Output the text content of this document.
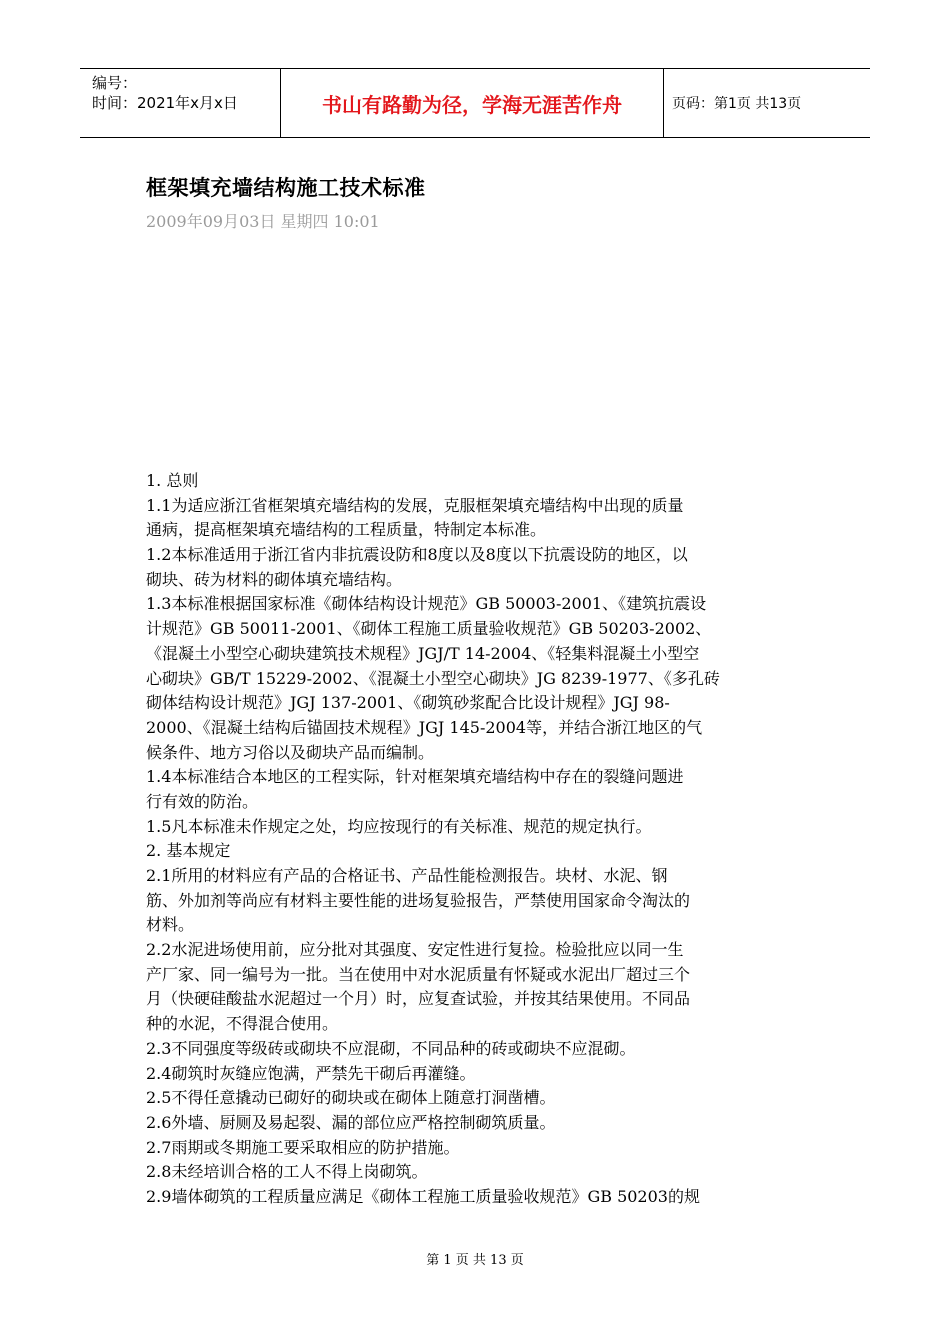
编号：
时间：2021年x月x日	书山有路勤为径，学海无涯苦作舟	页码：第1页 共13页
框架填充墙结构施工技术标准
2009年09月03日 星期四 10:01
1. 总则
1.1为适应浙江省框架填充墙结构的发展，克服框架填充墙结构中出现的质量
通病，提高框架填充墙结构的工程质量，特制定本标准。
1.2本标准适用于浙江省内非抗震设防和8度以及8度以下抗震设防的地区，以
砌块、砖为材料的砌体填充墙结构。
1.3本标准根据国家标准《砌体结构设计规范》GB 50003-2001、《建筑抗震设
计规范》GB 50011-2001、《砌体工程施工质量验收规范》GB 50203-2002、
《混凝土小型空心砌块建筑技术规程》JGJ/T 14-2004、《轻集料混凝土小型空
心砌块》GB/T 15229-2002、《混凝土小型空心砌块》JG 8239-1977、《多孔砖
砌体结构设计规范》JGJ 137-2001、《砌筑砂浆配合比设计规程》JGJ 98-
2000、《混凝土结构后锚固技术规程》JGJ 145-2004等，并结合浙江地区的气
候条件、地方习俗以及砌块产品而编制。
1.4本标准结合本地区的工程实际，针对框架填充墙结构中存在的裂缝问题进
行有效的防治。
1.5凡本标准未作规定之处，均应按现行的有关标准、规范的规定执行。
2. 基本规定
2.1所用的材料应有产品的合格证书、产品性能检测报告。块材、水泥、钢
筋、外加剂等尚应有材料主要性能的进场复验报告，严禁使用国家命令淘汰的
材料。
2.2水泥进场使用前，应分批对其强度、安定性进行复捡。检验批应以同一生
产厂家、同一编号为一批。当在使用中对水泥质量有怀疑或水泥出厂超过三个
月（快硬硅酸盐水泥超过一个月）时，应复查试验，并按其结果使用。不同品
种的水泥，不得混合使用。
2.3不同强度等级砖或砌块不应混砌，不同品种的砖或砌块不应混砌。
2.4砌筑时灰缝应饱满，严禁先干砌后再灌缝。
2.5不得任意撬动已砌好的砌块或在砌体上随意打洞凿槽。
2.6外墙、厨厕及易起裂、漏的部位应严格控制砌筑质量。
2.7雨期或冬期施工要采取相应的防护措施。
2.8未经培训合格的工人不得上岗砌筑。
2.9墙体砌筑的工程质量应满足《砌体工程施工质量验收规范》GB 50203的规
第 1 页 共 13 页
